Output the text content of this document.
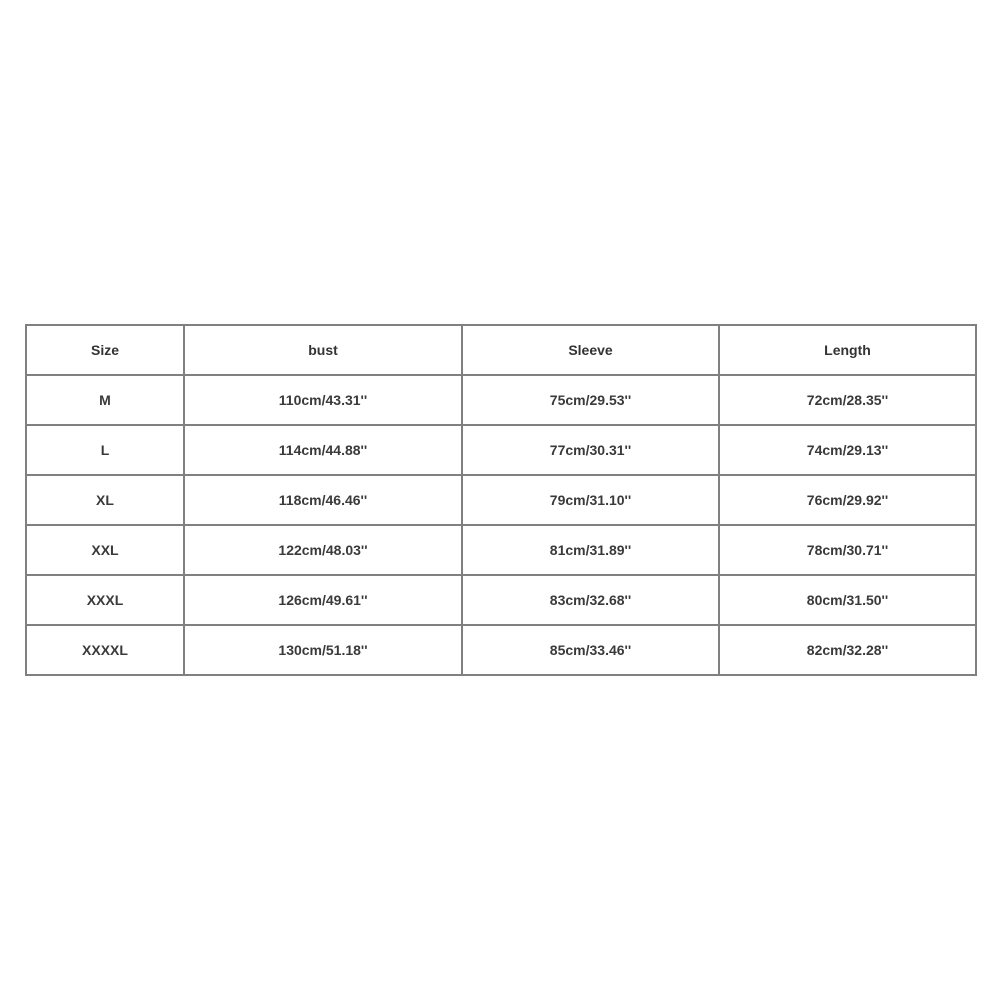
Size	bust	Sleeve	Length
M	110cm/43.31''	75cm/29.53''	72cm/28.35''
L	114cm/44.88''	77cm/30.31''	74cm/29.13''
XL	118cm/46.46''	79cm/31.10''	76cm/29.92''
XXL	122cm/48.03''	81cm/31.89''	78cm/30.71''
XXXL	126cm/49.61''	83cm/32.68''	80cm/31.50''
XXXXL	130cm/51.18''	85cm/33.46''	82cm/32.28''
